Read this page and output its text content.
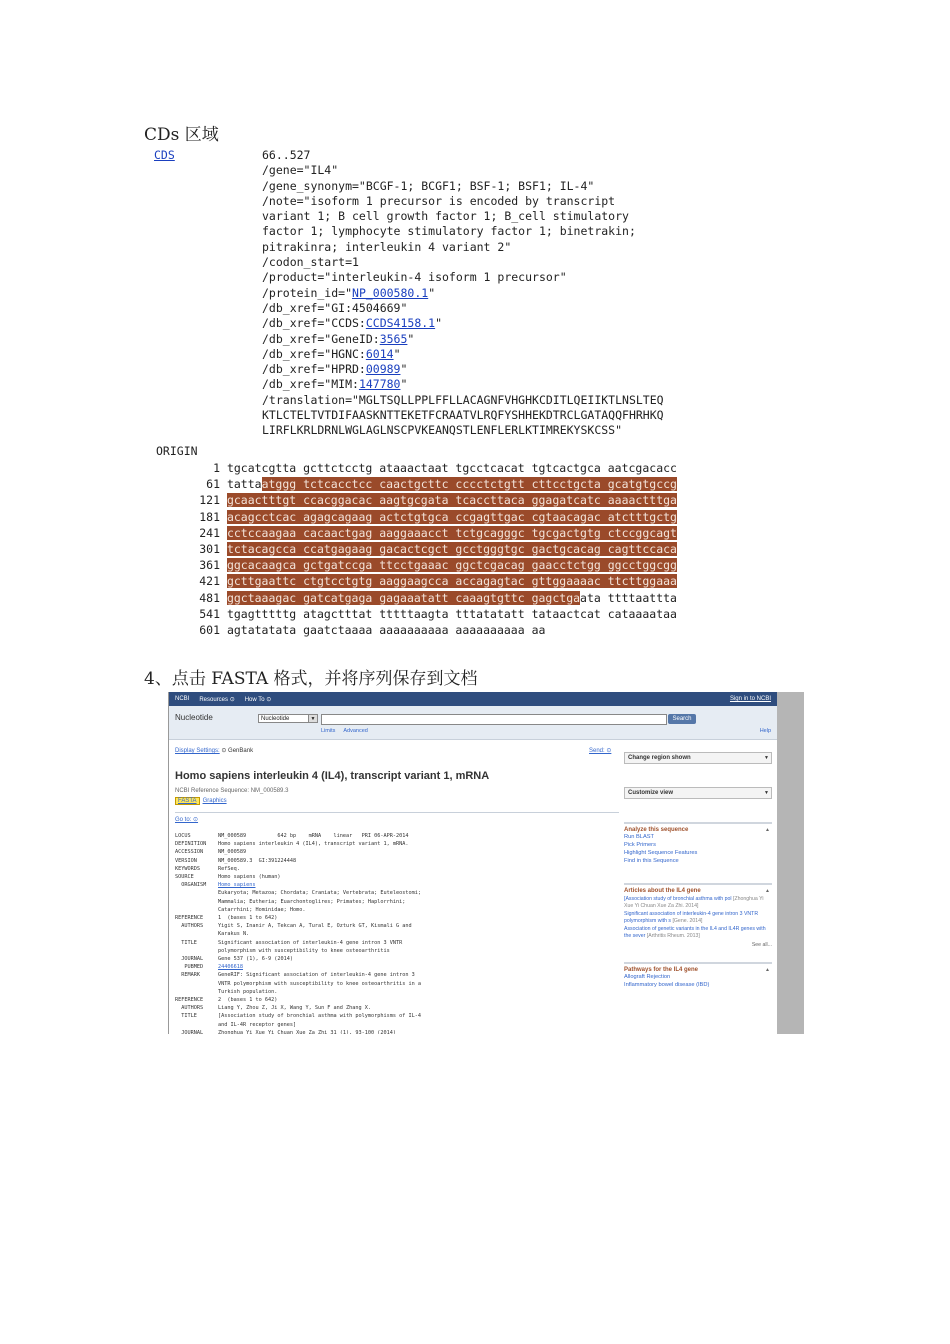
CDs 区域
CDS	66..527
/gene="IL4"
/gene_synonym="BCGF-1; BCGF1; BSF-1; BSF1; IL-4"
/note="isoform 1 precursor is encoded by transcript
variant 1; B cell growth factor 1; B_cell stimulatory
factor 1; lymphocyte stimulatory factor 1; binetrakin;
pitrakinra; interleukin 4 variant 2"
/codon_start=1
/product="interleukin-4 isoform 1 precursor"
/protein_id="NP_000580.1"
/db_xref="GI:4504669"
/db_xref="CCDS:CCDS4158.1"
/db_xref="GeneID:3565"
/db_xref="HGNC:6014"
/db_xref="HPRD:00989"
/db_xref="MIM:147780"
/translation="MGLTSQLLPPLFFLLACAGNFVHGHKCDITLQEIIKTLNSLTEQ
KTLCTELTVTDIFAASKNTTEKETFCRAATVLRQFYSHHEKDTRCLGATAQQFHRHKQ
LIRFLKRLDRNLWGLAGLNSCPVKEANQSTLENFLERLKTIMREKYSKCSS"
ORIGIN
1 tgcatcgtta gcttctcctg ataaactaat tgcctcacat tgtcactgca aatcgacacc
61 tattaatggg tctcacctcc caactgcttc cccctctgtt cttcctgcta gcatgtgccg
121 gcaactttgt ccacggacac aagtgcgata tcaccttaca ggagatcatc aaaactttga
181 acagcctcac agagcagaag actctgtgca ccgagttgac cgtaacagac atctttgctg
241 cctccaagaa cacaactgag aaggaaacct tctgcagggc tgcgactgtg ctccggcagt
301 tctacagcca ccatgagaag gacactcgct gcctgggtgc gactgcacag cagttccaca
361 ggcacaagca gctgatccga ttcctgaaac ggctcgacag gaacctctgg ggcctggcgg
421 gcttgaattc ctgtcctgtg aaggaagcca accagagtac gttggaaaac ttcttggaaa
481 ggctaaagac gatcatgaga gagaaatatt caaagtgttc gagctgaata ttttaattta
541 tgagtttttg atagctttat tttttaagta tttatatatt tataactcat cataaaataa
601 agtatatata gaatctaaaa aaaaaaaaaa aaaaaaaaaa aa
4、点击 FASTA 格式，并将序列保存到文档
NCBI Resources ⊙ How To ⊙	Sign in to NCBI
Nucleotide	Nucleotide	▼	Search
Limits Advanced	Help
Display Settings: ⊙ GenBank	Send: ⊙
Homo sapiens interleukin 4 (IL4), transcript variant 1, mRNA
NCBI Reference Sequence: NM_000589.3
FASTA Graphics
Go to: ⊙
LOCUS	NM_000589          642 bp    mRNA    linear   PRI 06-APR-2014
DEFINITION Homo sapiens interleukin 4 (IL4), transcript variant 1, mRNA.
ACCESSION	NM_000589
VERSION	NM_000589.3  GI:391224448
KEYWORDS	RefSeq.
SOURCE	Homo sapiens (human)
ORGANISM Homo sapiens
Eukaryota; Metazoa; Chordata; Craniata; Vertebrata; Euteleostomi;
Mammalia; Eutheria; Euarchontoglires; Primates; Haplorrhini;
Catarrhini; Hominidae; Homo.
REFERENCE	1  (bases 1 to 642)
AUTHORS	Yigit S, Inanir A, Tekcan A, Tural E, Ozturk GT, Kismali G and
Karakus N.
TITLE	Significant association of interleukin-4 gene intron 3 VNTR
polymorphism with susceptibility to knee osteoarthritis
JOURNAL	Gene 537 (1), 6-9 (2014)
PUBMED	24406618
REMARK	GeneRIF: Significant association of interleukin-4 gene intron 3
VNTR polymorphism with susceptibility to knee osteoarthritis in a
Turkish population.
REFERENCE	2  (bases 1 to 642)
AUTHORS	Liang Y, Zhou Z, Ji X, Wang Y, Sun F and Zhang X.
TITLE	[Association study of bronchial asthma with polymorphisms of IL-4
and IL-4R receptor genes]
JOURNAL	Zhonghua Yi Xue Yi Chuan Xue Za Zhi 31 (1), 93-100 (2014)
Change region shown	▼
Customize view	▼
Analyze this sequence	▲
Run BLAST
Pick Primers
Highlight Sequence Features
Find in this Sequence
Articles about the IL4 gene	▲
[Association study of bronchial asthma with pol [Zhonghua Yi Xue Yi Chuan Xue Za Zhi. 2014]
Significant association of interleukin-4 gene intron 3 VNTR polymorphism with s [Gene. 2014]
Association of genetic variants in the IL4 and IL4R genes with the sever [Arthritis Rheum. 2013]
See all...
Pathways for the IL4 gene	▲
Allograft Rejection
Inflammatory bowel disease (IBD)
